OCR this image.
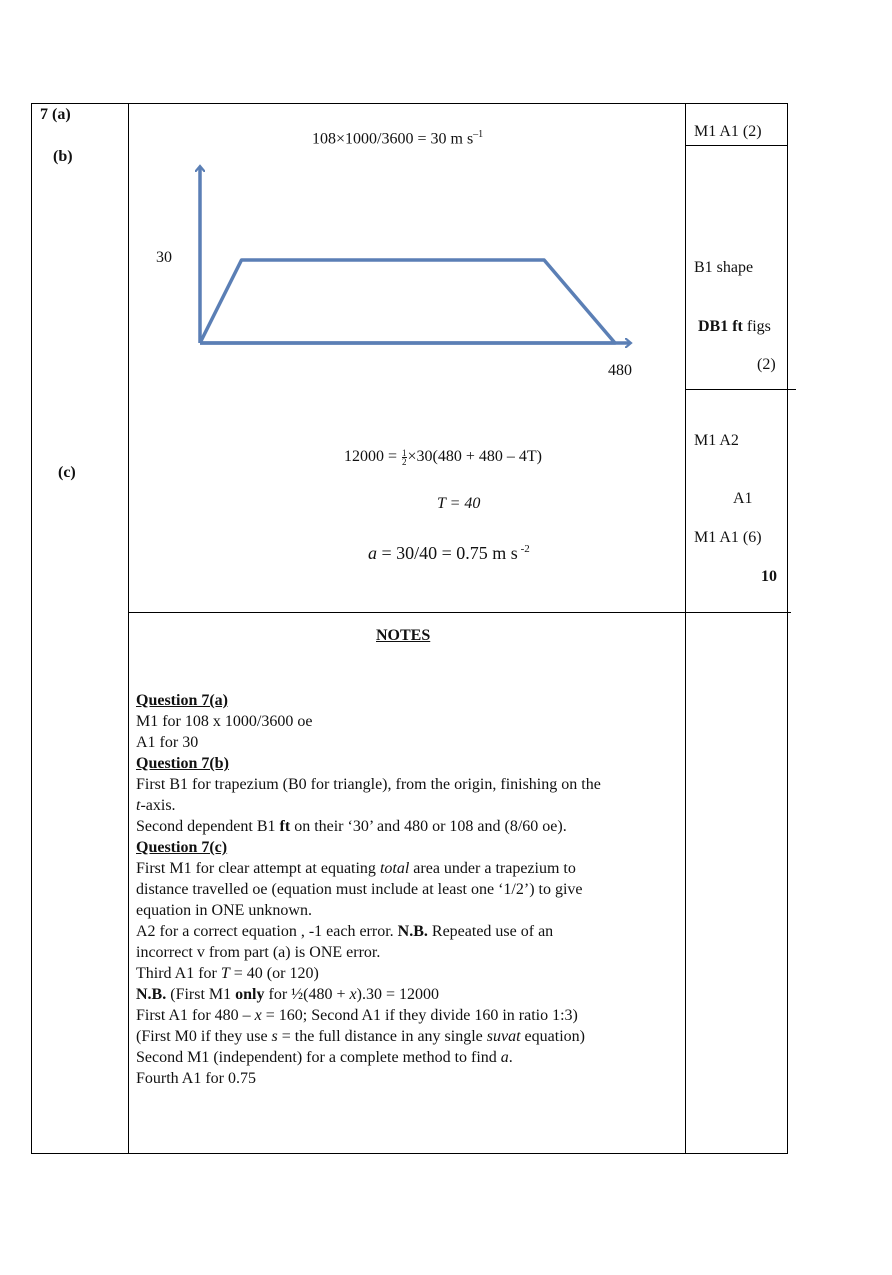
7 (a)
(b)
(c)
108×1000/3600 = 30 m $s^{-1}$	M1 A1 (2)
30
480
B1 shape
DB1 ft figs
(2)
$12000 = \frac{1}{2} \times 30(480 + 480 - 4T)$
T = 40
a = 30/40 = 0.75 m s $^{-2}$
M1 A2
A1
M1 A1 (6)
10
NOTES

Question 7(a)

M1 for 108 x 1000/3600 oe

A1 for 30

Question 7(b)

First B1 for trapezium (B0 for triangle), from the origin, finishing on the

t-axis.

Second dependent B1 ft on their ‘30’ and 480 or 108 and (8/60 oe).

Question 7(c)

First M1 for clear attempt at equating total area under a trapezium to

distance travelled oe (equation must include at least one ‘1/2’) to give

equation in ONE unknown.

A2 for a correct equation , -1 each error. N.B. Repeated use of an

incorrect v from part (a) is ONE error.

Third A1 for T = 40 (or 120)

N.B. (First M1 only for ½(480 + x).30 = 12000

First A1 for 480 – x = 160; Second A1 if they divide 160 in ratio 1:3)

(First M0 if they use s = the full distance in any single suvat equation)

Second M1 (independent) for a complete method to find a.

Fourth A1 for 0.75
